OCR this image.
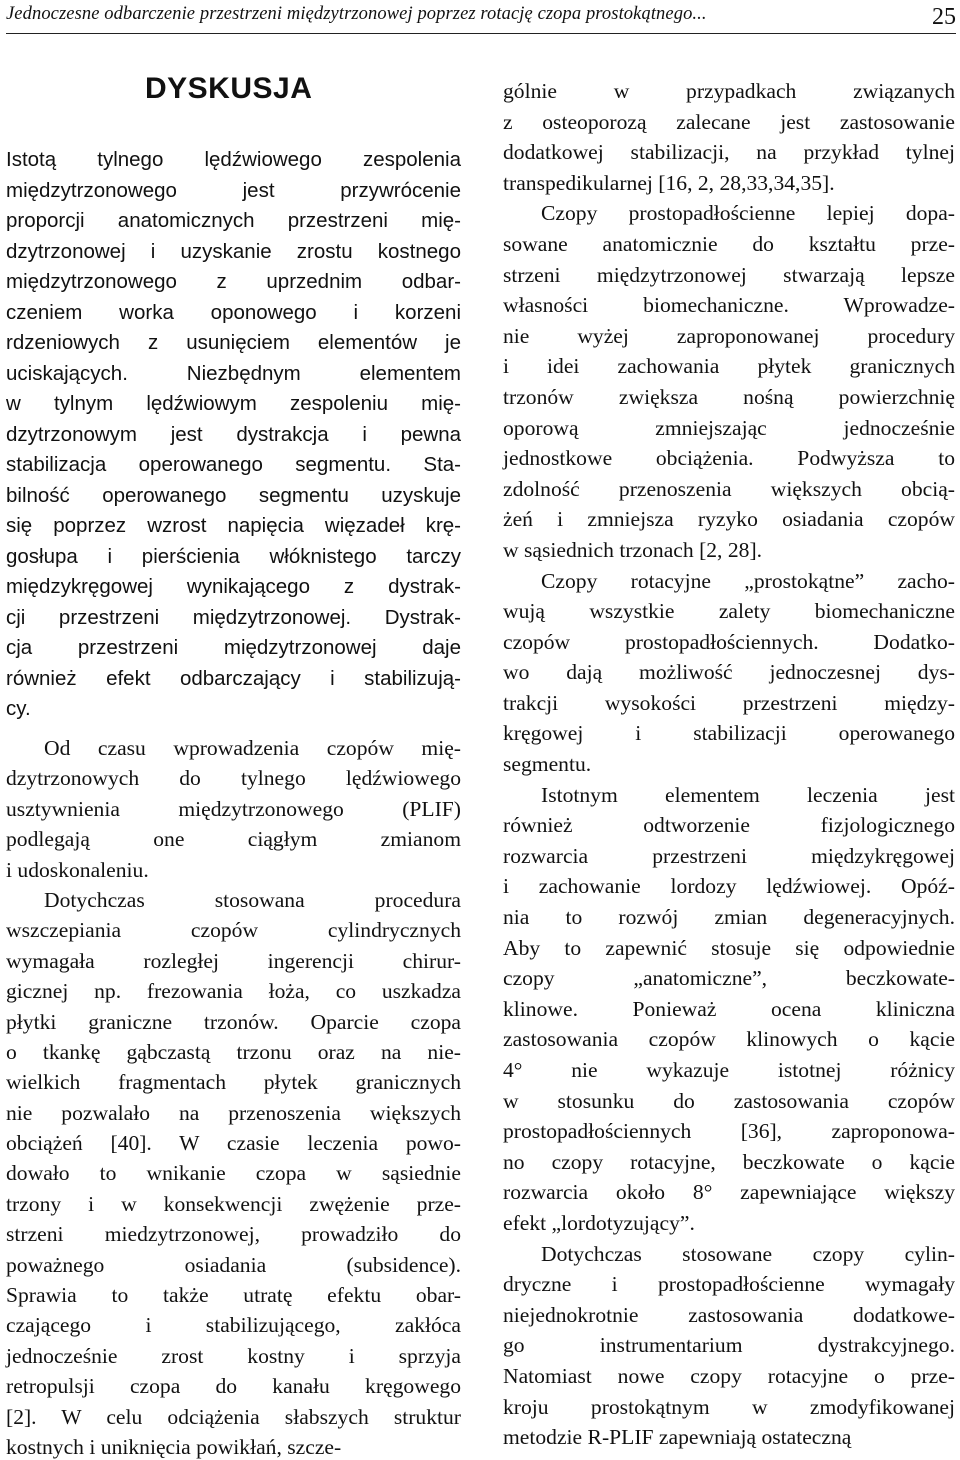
Jednoczesne odbarczenie przestrzeni międzytrzonowej poprzez rotację czopa prostokątnego...	25
DYSKUSJA
Istotą tylnego lędźwiowego zespolenia
międzytrzonowego jest przywrócenie
proporcji anatomicznych przestrzeni mię-
dzytrzonowej i uzyskanie zrostu kostnego
międzytrzonowego z uprzednim odbar-
czeniem worka oponowego i korzeni
rdzeniowych z usunięciem elementów je
uciskających. Niezbędnym elementem
w tylnym lędźwiowym zespoleniu mię-
dzytrzonowym jest dystrakcja i pewna
stabilizacja operowanego segmentu. Sta-
bilność operowanego segmentu uzyskuje
się poprzez wzrost napięcia więzadeł krę-
gosłupa i pierścienia włóknistego tarczy
międzykręgowej wynikającego z dystrak-
cji przestrzeni międzytrzonowej. Dystrak-
cja przestrzeni międzytrzonowej daje
również efekt odbarczający i stabilizują-
cy.
Od czasu wprowadzenia czopów mię-
dzytrzonowych do tylnego lędźwiowego
usztywnienia międzytrzonowego (PLIF)
podlegają one ciągłym zmianom
i udoskonaleniu.
Dotychczas stosowana procedura
wszczepiania czopów cylindrycznych
wymagała rozległej ingerencji chirur-
gicznej np. frezowania łoża, co uszkadza
płytki graniczne trzonów. Oparcie czopa
o tkankę gąbczastą trzonu oraz na nie-
wielkich fragmentach płytek granicznych
nie pozwalało na przenoszenia większych
obciążeń [40]. W czasie leczenia powo-
dowało to wnikanie czopa w sąsiednie
trzony i w konsekwencji zwężenie prze-
strzeni miedzytrzonowej, prowadziło do
poważnego osiadania (subsidence).
Sprawia to także utratę efektu obar-
czającego i stabilizującego, zakłóca
jednocześnie zrost kostny i sprzyja
retropulsji czopa do kanału kręgowego
[2]. W celu odciążenia słabszych struktur
kostnych i uniknięcia powikłań, szcze-
gólnie w przypadkach związanych
z osteoporozą zalecane jest zastosowanie
dodatkowej stabilizacji, na przykład tylnej
transpedikularnej [16, 2, 28,33,34,35].
Czopy prostopadłościenne lepiej dopa-
sowane anatomicznie do kształtu prze-
strzeni międzytrzonowej stwarzają lepsze
własności biomechaniczne. Wprowadze-
nie wyżej zaproponowanej procedury
i idei zachowania płytek granicznych
trzonów zwiększa nośną powierzchnię
oporową zmniejszając jednocześnie
jednostkowe obciążenia. Podwyższa to
zdolność przenoszenia większych obcią-
żeń i zmniejsza ryzyko osiadania czopów
w sąsiednich trzonach [2, 28].
Czopy rotacyjne „prostokątne” zacho-
wują wszystkie zalety biomechaniczne
czopów prostopadłościennych. Dodatko-
wo dają możliwość jednoczesnej dys-
trakcji wysokości przestrzeni między-
kręgowej i stabilizacji operowanego
segmentu.
Istotnym elementem leczenia jest
również odtworzenie fizjologicznego
rozwarcia przestrzeni międzykręgowej
i zachowanie lordozy lędźwiowej. Opóź-
nia to rozwój zmian degeneracyjnych.
Aby to zapewnić stosuje się odpowiednie
czopy „anatomiczne”, beczkowate-
klinowe. Ponieważ ocena kliniczna
zastosowania czopów klinowych o kącie
4° nie wykazuje istotnej różnicy
w stosunku do zastosowania czopów
prostopadłościennych [36], zaproponowa-
no czopy rotacyjne, beczkowate o kącie
rozwarcia około 8° zapewniające większy
efekt „lordotyzujący”.
Dotychczas stosowane czopy cylin-
dryczne i prostopadłościenne wymagały
niejednokrotnie zastosowania dodatkowe-
go instrumentarium dystrakcyjnego.
Natomiast nowe czopy rotacyjne o prze-
kroju prostokątnym w zmodyfikowanej
metodzie R-PLIF zapewniają ostateczną
